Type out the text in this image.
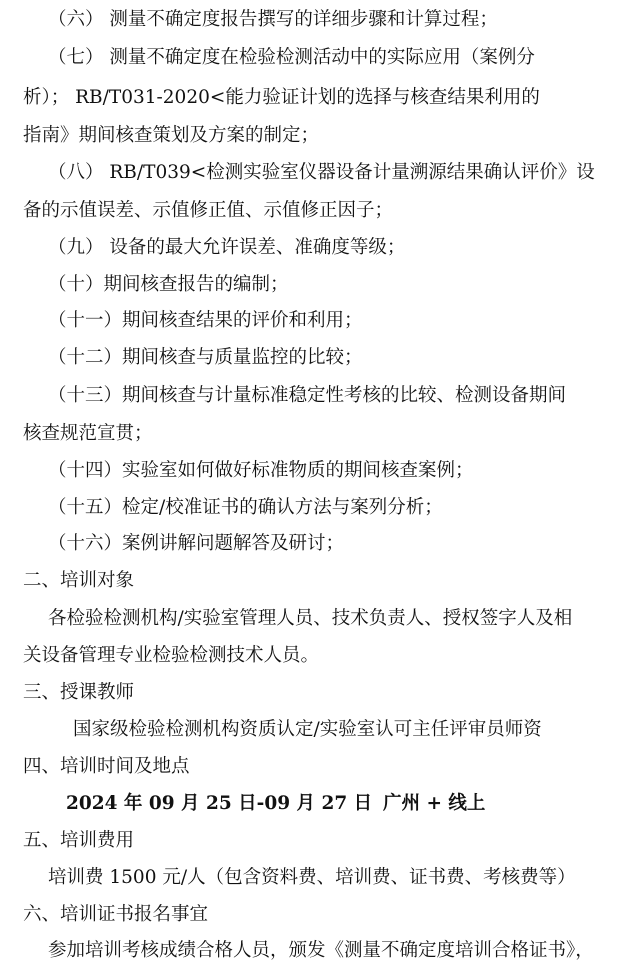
（六） 测量不确定度报告撰写的详细步骤和计算过程；
（七） 测量不确定度在检验检测活动中的实际应用（案例分
析）； RB/T031-2020<能力验证计划的选择与核查结果利用的
指南》期间核查策划及方案的制定；
（八） RB/T039<检测实验室仪器设备计量溯源结果确认评价》设
备的示值误差、示值修正值、示值修正因子；
（九） 设备的最大允许误差、准确度等级；
（十）期间核查报告的编制；
（十一）期间核查结果的评价和利用；
（十二）期间核查与质量监控的比较；
（十三）期间核查与计量标准稳定性考核的比较、检测设备期间
核查规范宣贯；
（十四）实验室如何做好标准物质的期间核查案例；
（十五）检定/校准证书的确认方法与案列分析；
（十六）案例讲解问题解答及研讨；
二、培训对象
各检验检测机构/实验室管理人员、技术负责人、授权签字人及相
关设备管理专业检验检测技术人员。
三、授课教师
国家级检验检测机构资质认定/实验室认可主任评审员师资
四、培训时间及地点
2024 年 09 月 25 日-09 月 27 日 广州 + 线上
五、培训费用
培训费 1500 元/人（包含资料费、培训费、证书费、考核费等）
六、培训证书报名事宜
参加培训考核成绩合格人员，颁发《测量不确定度培训合格证书》，
